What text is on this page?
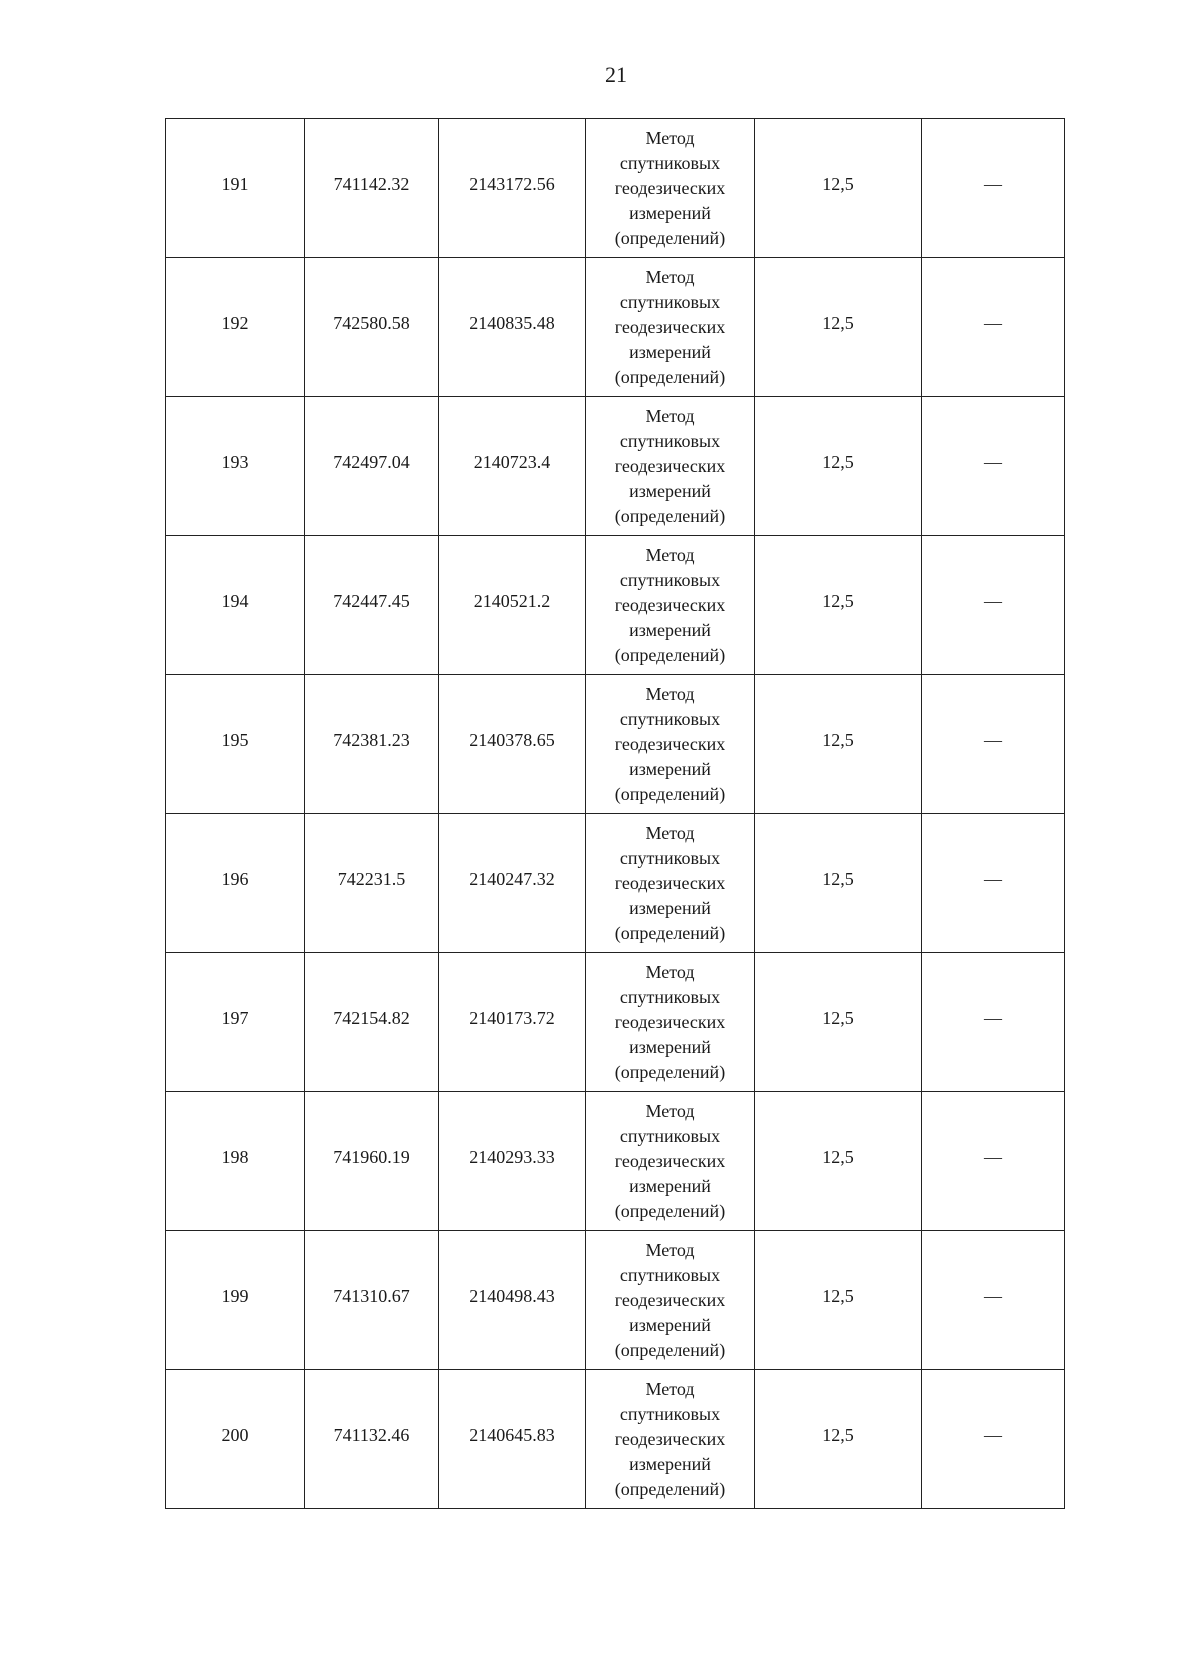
21
191	741142.32	2143172.56	Метод
спутниковых
геодезических
измерений
(определений)	12,5	—
192	742580.58	2140835.48	Метод
спутниковых
геодезических
измерений
(определений)	12,5	—
193	742497.04	2140723.4	Метод
спутниковых
геодезических
измерений
(определений)	12,5	—
194	742447.45	2140521.2	Метод
спутниковых
геодезических
измерений
(определений)	12,5	—
195	742381.23	2140378.65	Метод
спутниковых
геодезических
измерений
(определений)	12,5	—
196	742231.5	2140247.32	Метод
спутниковых
геодезических
измерений
(определений)	12,5	—
197	742154.82	2140173.72	Метод
спутниковых
геодезических
измерений
(определений)	12,5	—
198	741960.19	2140293.33	Метод
спутниковых
геодезических
измерений
(определений)	12,5	—
199	741310.67	2140498.43	Метод
спутниковых
геодезических
измерений
(определений)	12,5	—
200	741132.46	2140645.83	Метод
спутниковых
геодезических
измерений
(определений)	12,5	—
